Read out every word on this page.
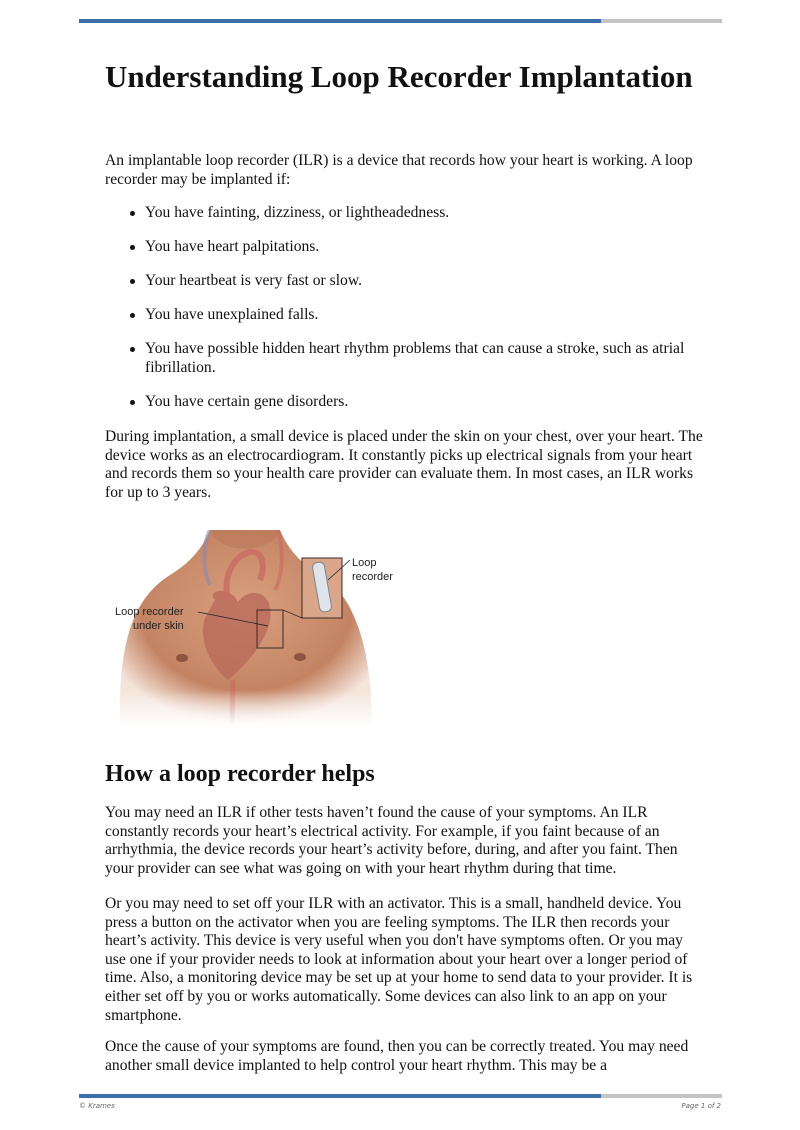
Understanding Loop Recorder Implantation

An implantable loop recorder (ILR) is a device that records how your heart is working. A loop recorder may be implanted if:

You have fainting, dizziness, or lightheadedness.
You have heart palpitations.
Your heartbeat is very fast or slow.
You have unexplained falls.
You have possible hidden heart rhythm problems that can cause a stroke, such as atrial fibrillation.
You have certain gene disorders.

During implantation, a small device is placed under the skin on your chest, over your heart. The device works as an electrocardiogram. It constantly picks up electrical signals from your heart and records them so your health care provider can evaluate them. In most cases, an ILR works for up to 3 years.

Loop
recorder
Loop recorder
under skin
How a loop recorder helps

You may need an ILR if other tests haven’t found the cause of your symptoms. An ILR constantly records your heart’s electrical activity. For example, if you faint because of an arrhythmia, the device records your heart’s activity before, during, and after you faint. Then your provider can see what was going on with your heart rhythm during that time.

Or you may need to set off your ILR with an activator. This is a small, handheld device. You press a button on the activator when you are feeling symptoms. The ILR then records your heart’s activity. This device is very useful when you don't have symptoms often. Or you may use one if your provider needs to look at information about your heart over a longer period of time. Also, a monitoring device may be set up at your home to send data to your provider. It is either set off by you or works automatically. Some devices can also link to an app on your smartphone.

Once the cause of your symptoms are found, then you can be correctly treated. You may need another small device implanted to help control your heart rhythm. This may be a

© Krames	Page 1 of 2
